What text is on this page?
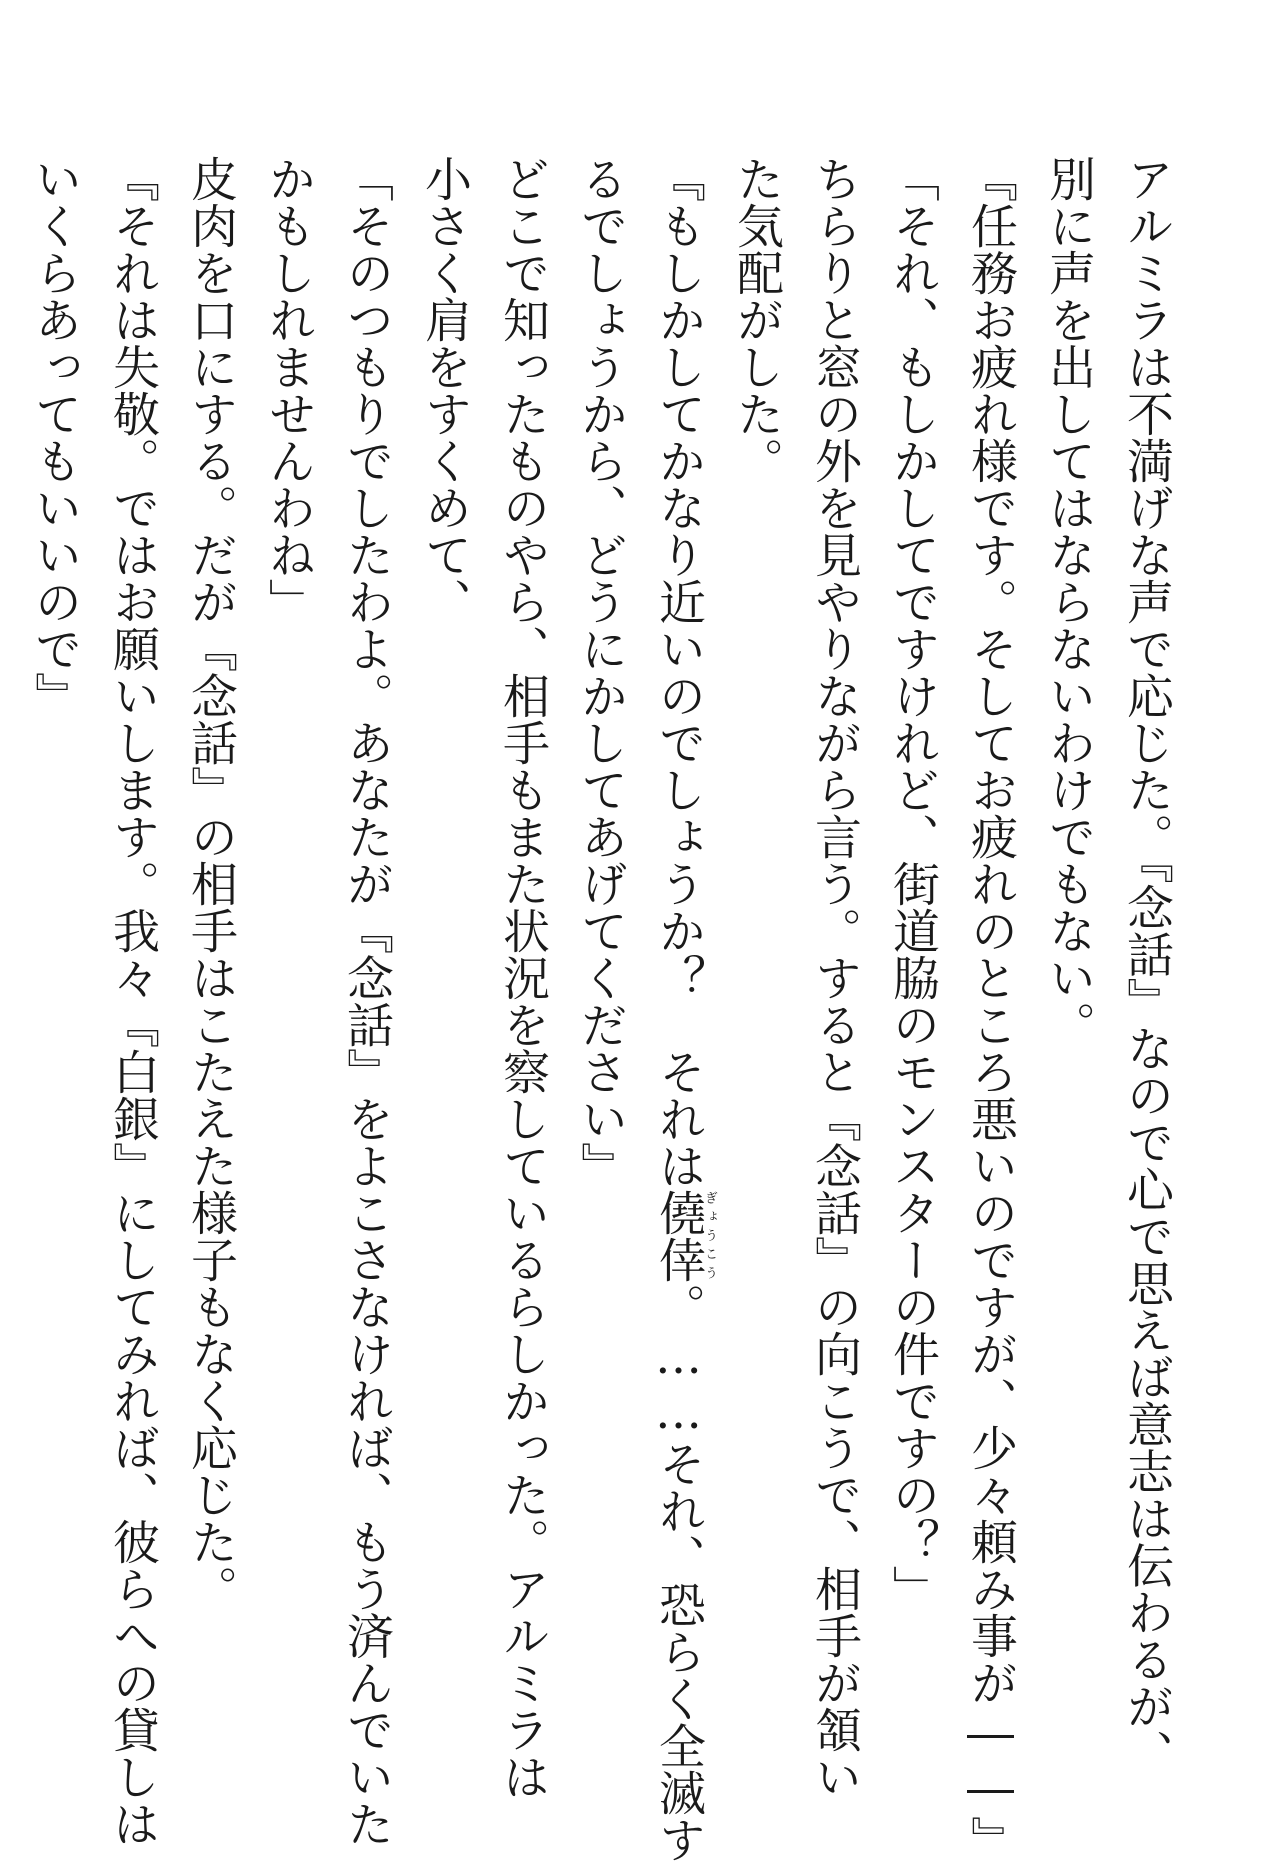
アルミラは不満げな声で応じた。『念話』なので心で思えば意志は伝わるが、
別に声を出してはならないわけでもない。
『任務お疲れ様です。そしてお疲れのところ悪いのですが、少々頼み事が――』
「それ、もしかしてですけれど、街道脇のモンスターの件ですの？」
ちらりと窓の外を見やりながら言う。すると『念話』の向こうで、相手が頷い
た気配がした。
『もしかしてかなり近いのでしょうか？　それは僥倖ぎょうこう。……それ、恐らく全滅す
るでしょうから、どうにかしてあげてください』
どこで知ったものやら、相手もまた状況を察しているらしかった。アルミラは
小さく肩をすくめて、
「そのつもりでしたわよ。あなたが『念話』をよこさなければ、もう済んでいた
かもしれませんわね」
皮肉を口にする。だが『念話』の相手はこたえた様子もなく応じた。
『それは失敬。ではお願いします。我々『白銀』にしてみれば、彼らへの貸しは
いくらあってもいいので』
